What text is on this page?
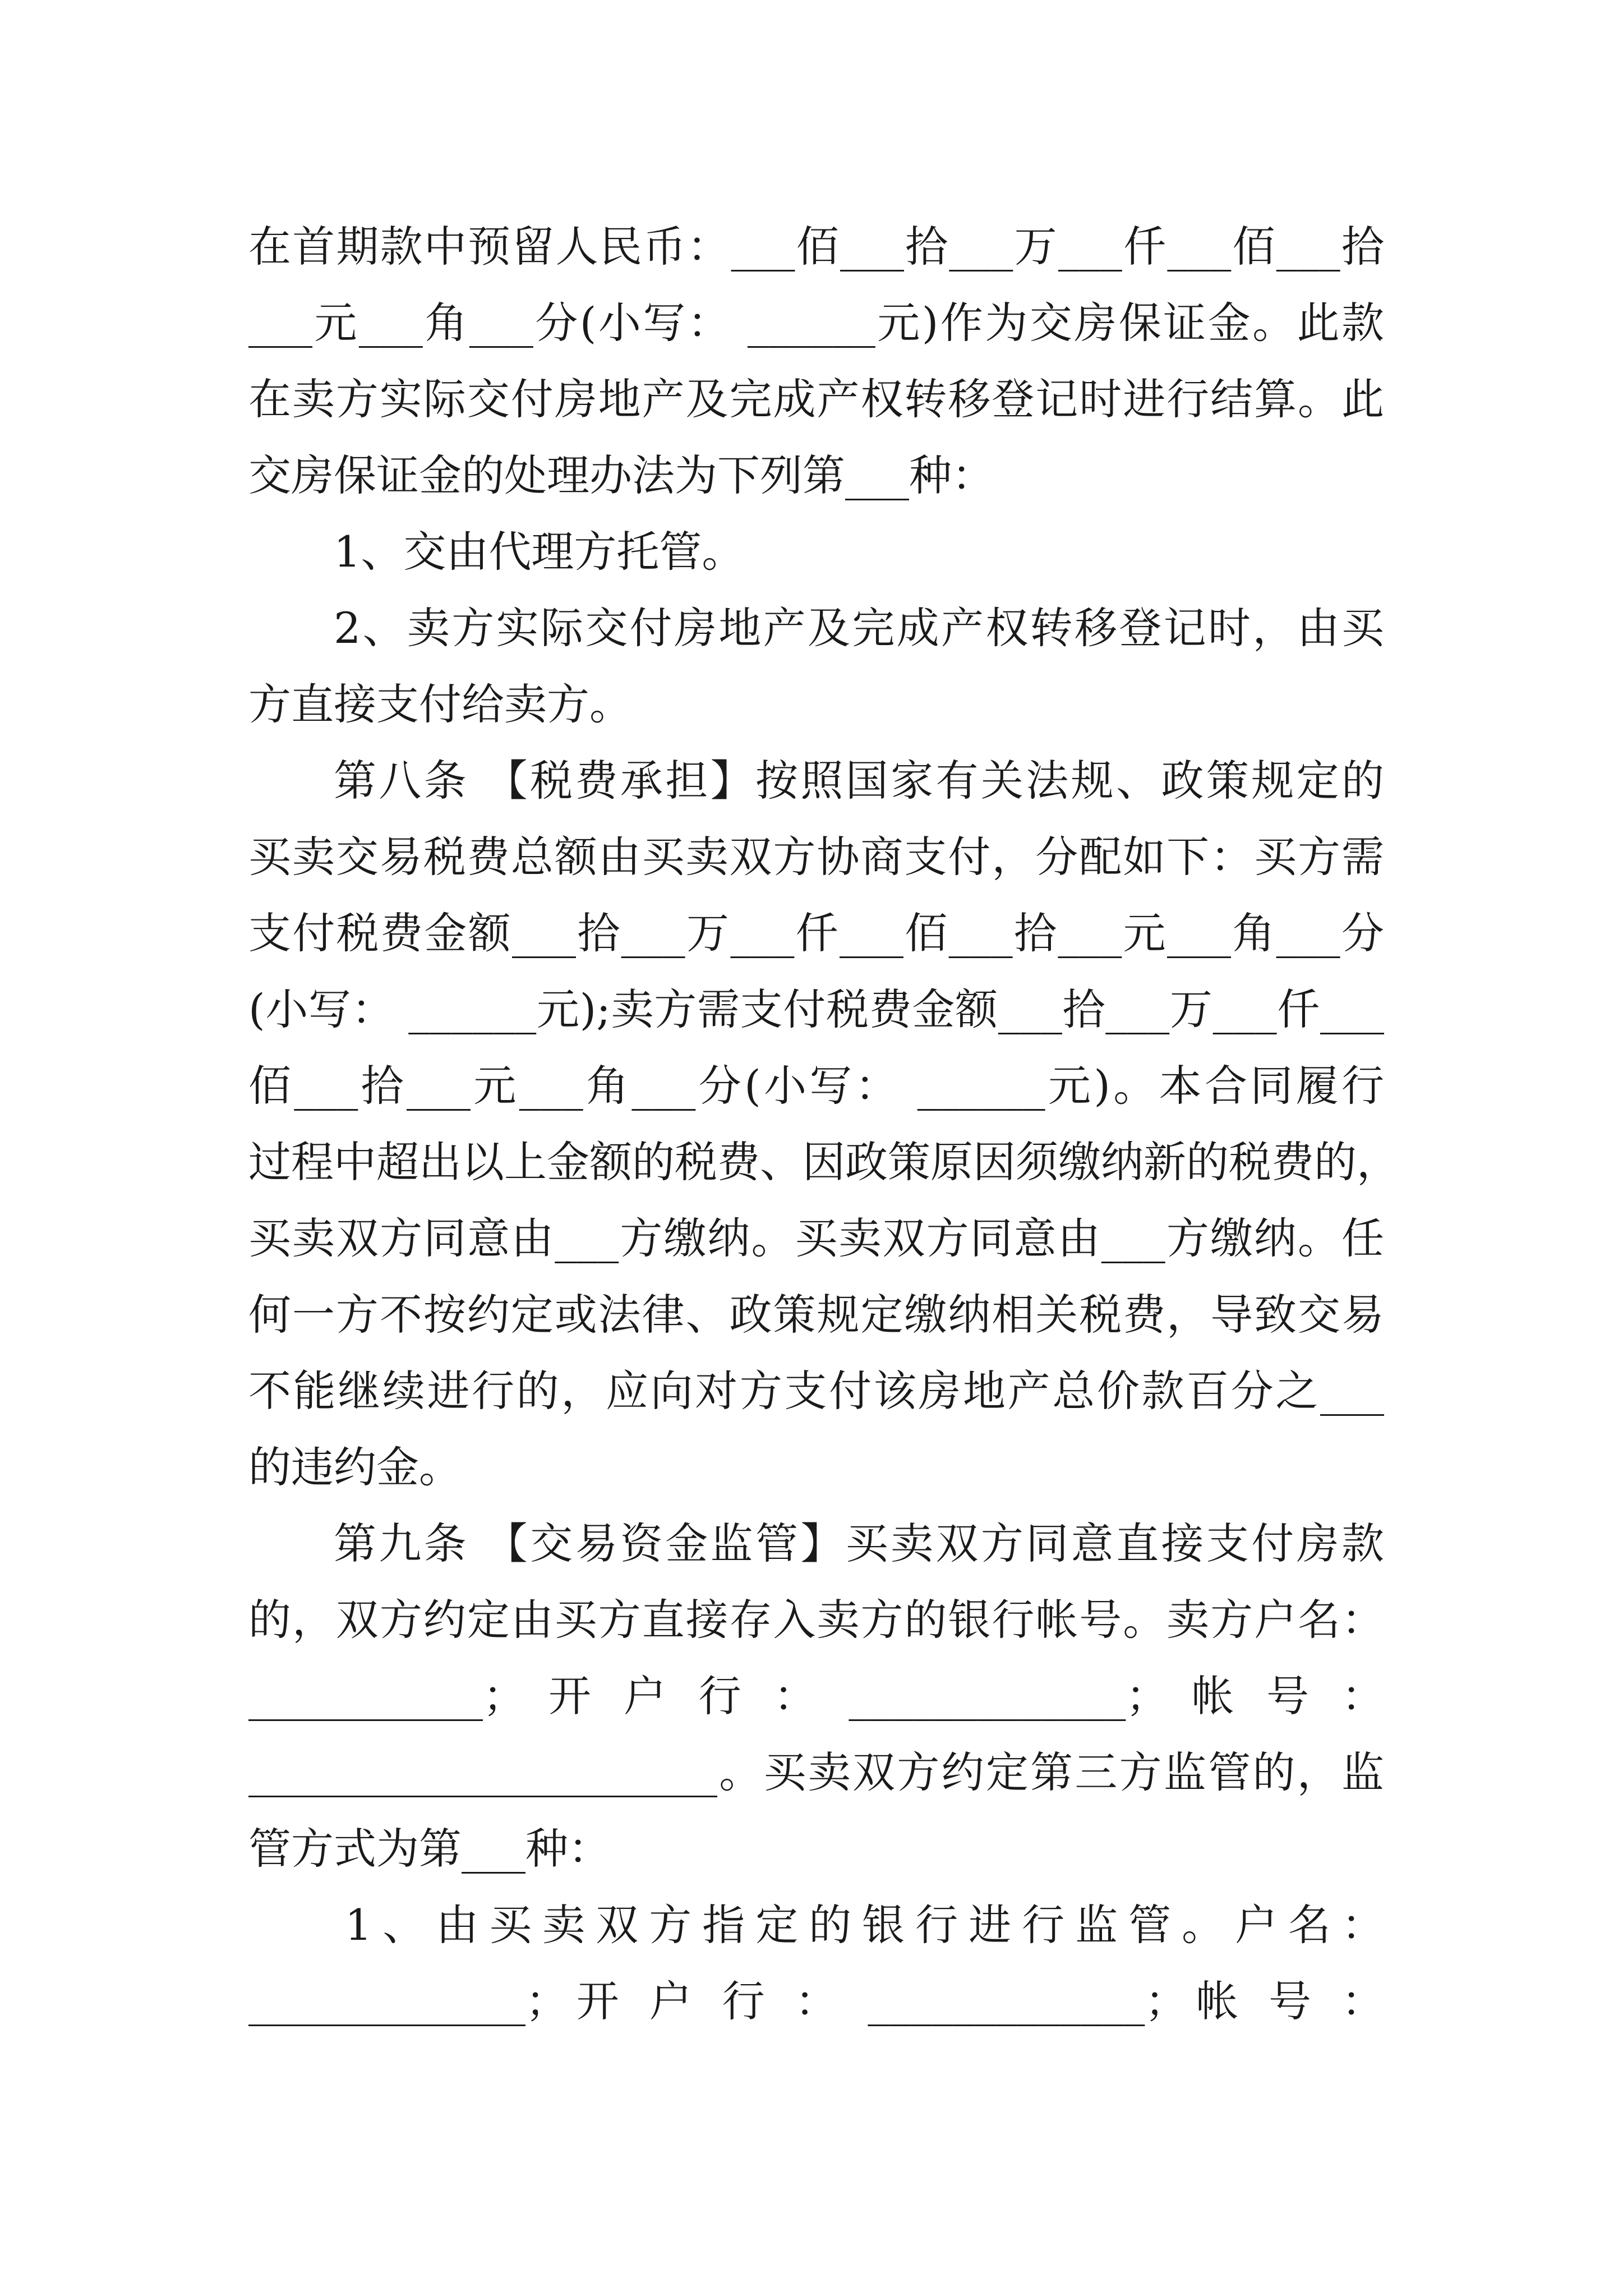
在首期款中预留人民币：___佰___拾___万___仟___佰___拾
___元___角___分(小写： ______元)作为交房保证金。此款
在卖方实际交付房地产及完成产权转移登记时进行结算。此
交房保证金的处理办法为下列第___种：
1、交由代理方托管。
2、卖方实际交付房地产及完成产权转移登记时，由买
方直接支付给卖方。
第八条 【税费承担】按照国家有关法规、政策规定的
买卖交易税费总额由买卖双方协商支付，分配如下：买方需
支付税费金额___拾___万___仟___佰___拾___元___角___分
(小写： ______元);卖方需支付税费金额___拾___万___仟___
佰___拾___元___角___分(小写： ______元)。本合同履行
过程中超出以上金额的税费、因政策原因须缴纳新的税费的，
买卖双方同意由___方缴纳。买卖双方同意由___方缴纳。任
何一方不按约定或法律、政策规定缴纳相关税费，导致交易
不能继续进行的，应向对方支付该房地产总价款百分之___
的违约金。
第九条 【交易资金监管】买卖双方同意直接支付房款
的，双方约定由买方直接存入卖方的银行帐号。卖方户名：
___________； 开 户 行 ： _____________； 帐 号 ：
______________________。买卖双方约定第三方监管的，监
管方式为第___种：
1、由买卖双方指定的银行进行监管。户名：
_____________；开 户 行 ： _____________；帐 号 ：
